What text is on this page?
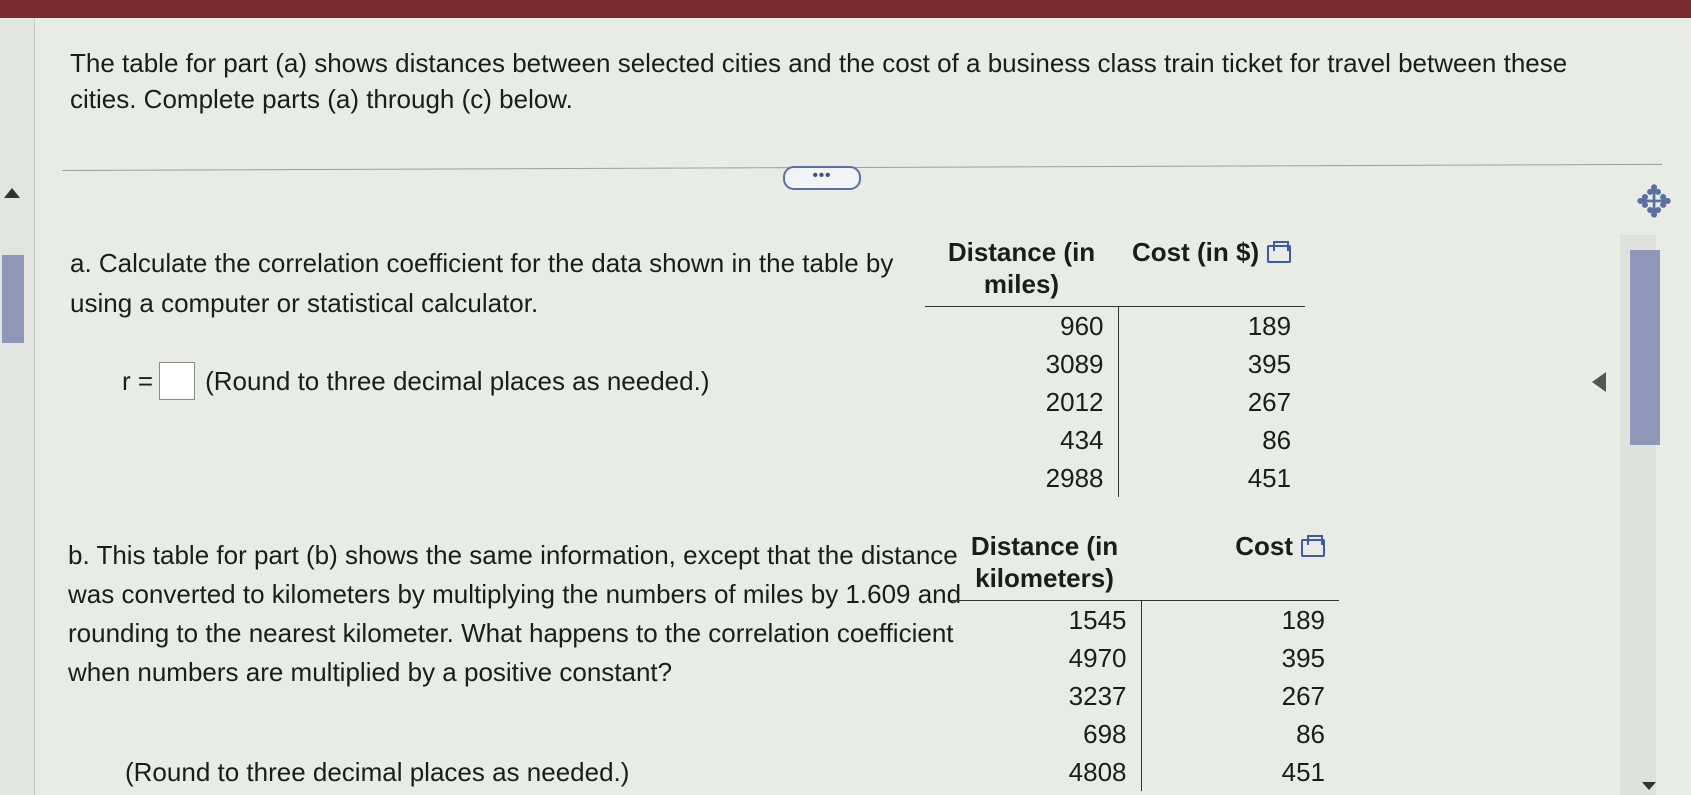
The table for part (a) shows distances between selected cities and the cost of a business class train ticket for travel between these cities. Complete parts (a) through (c) below.
•••
a. Calculate the correlation coefficient for the data shown in the table by using a computer or statistical calculator.
r = (Round to three decimal places as needed.)
Distance (in miles)	Cost (in $)
960	189
3089	395
2012	267
434	86
2988	451
b. This table for part (b) shows the same information, except that the distance was converted to kilometers by multiplying the numbers of miles by 1.609 and rounding to the nearest kilometer. What happens to the correlation coefficient when numbers are multiplied by a positive constant?
(Round to three decimal places as needed.)
Distance (in kilometers)	Cost
1545	189
4970	395
3237	267
698	86
4808	451
✥
